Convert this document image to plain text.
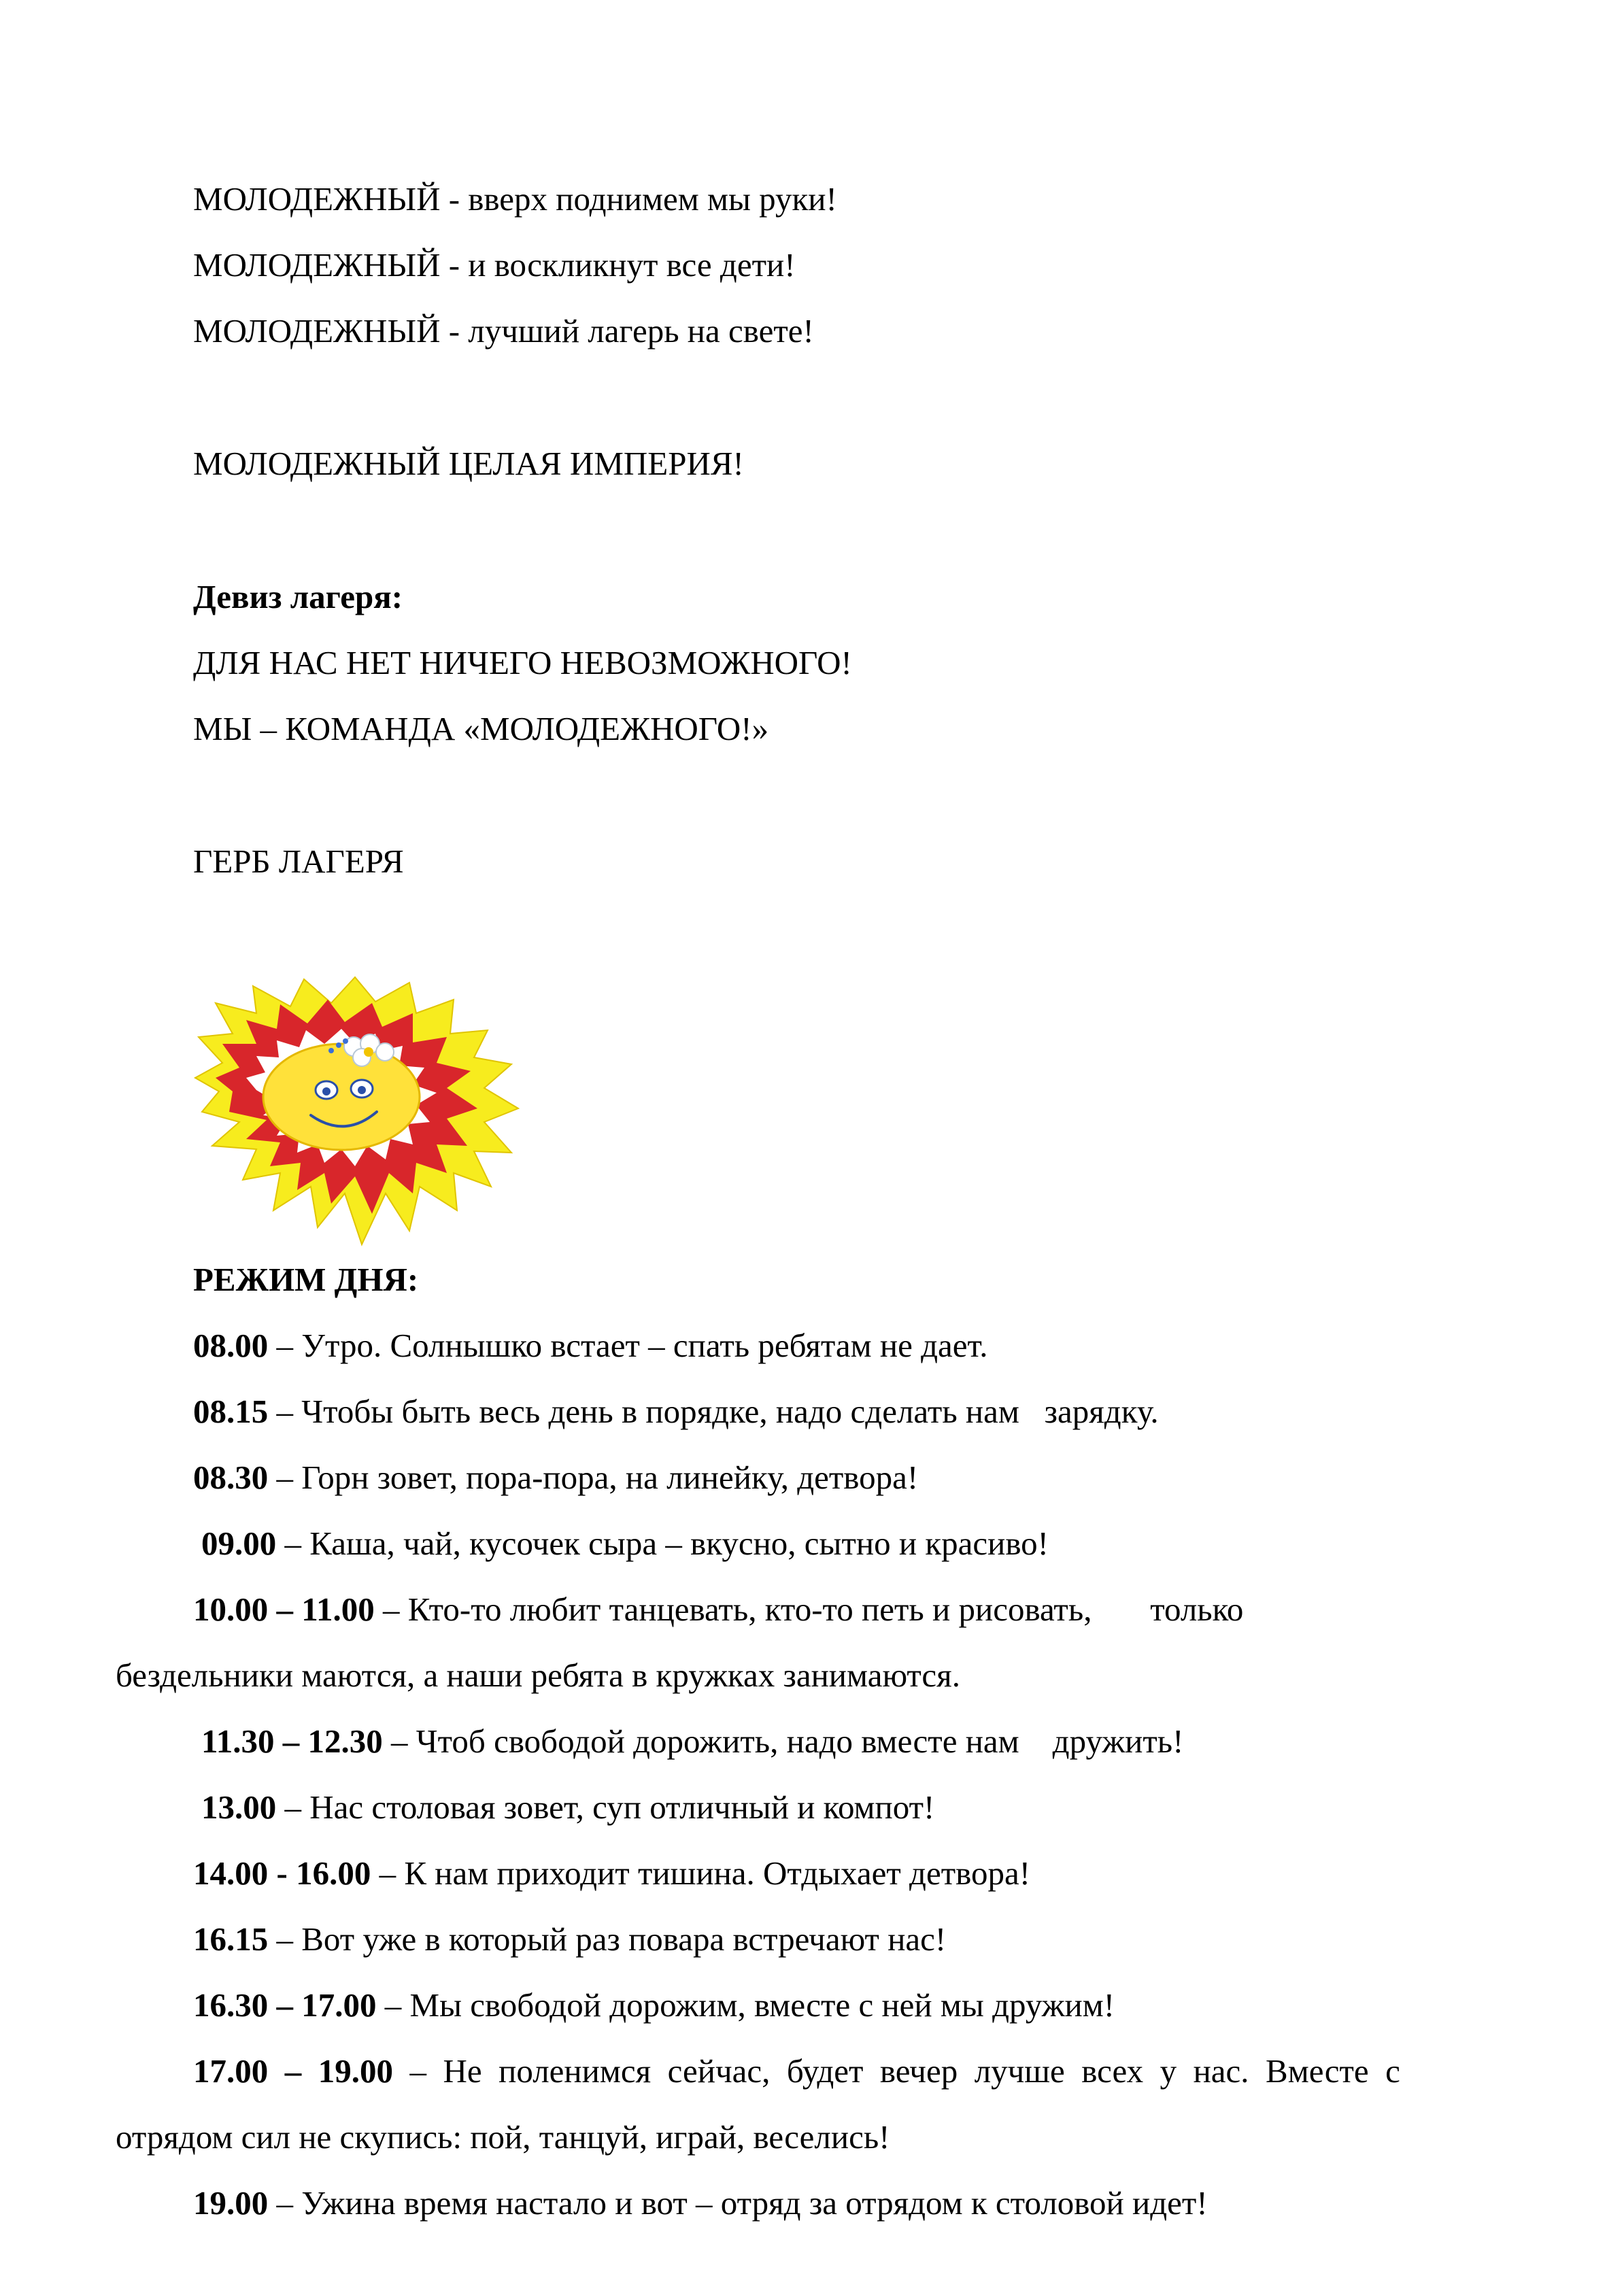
МОЛОДЕЖНЫЙ - вверх поднимем мы руки!
МОЛОДЕЖНЫЙ - и воскликнут все дети!
МОЛОДЕЖНЫЙ - лучший лагерь на свете!
МОЛОДЕЖНЫЙ ЦЕЛАЯ ИМПЕРИЯ!
Девиз лагеря:
ДЛЯ НАС НЕТ НИЧЕГО НЕВОЗМОЖНОГО!
МЫ – КОМАНДА «МОЛОДЕЖНОГО!»
ГЕРБ ЛАГЕРЯ
РЕЖИМ ДНЯ:
08.00 – Утро. Солнышко встает – спать ребятам не дает.
08.15 – Чтобы быть весь день в порядке, надо сделать нам   зарядку.
08.30 – Горн зовет, пора-пора, на линейку, детвора!
09.00 – Каша, чай, кусочек сыра – вкусно, сытно и красиво!
10.00 – 11.00 – Кто-то любит танцевать, кто-то петь и рисовать,       только
бездельники маются, а наши ребята в кружках занимаются.
11.30 – 12.30 – Чтоб свободой дорожить, надо вместе нам    дружить!
13.00 – Нас столовая зовет, суп отличный и компот!
14.00 - 16.00 – К нам приходит тишина. Отдыхает детвора!
16.15 – Вот уже в который раз повара встречают нас!
16.30 – 17.00 – Мы свободой дорожим, вместе с ней мы дружим!
17.00  –  19.00  –  Не  поленимся  сейчас,  будет  вечер  лучше  всех  у  нас.  Вместе  с
отрядом сил не скупись: пой, танцуй, играй, веселись!
19.00 – Ужина время настало и вот – отряд за отрядом к столовой идет!
